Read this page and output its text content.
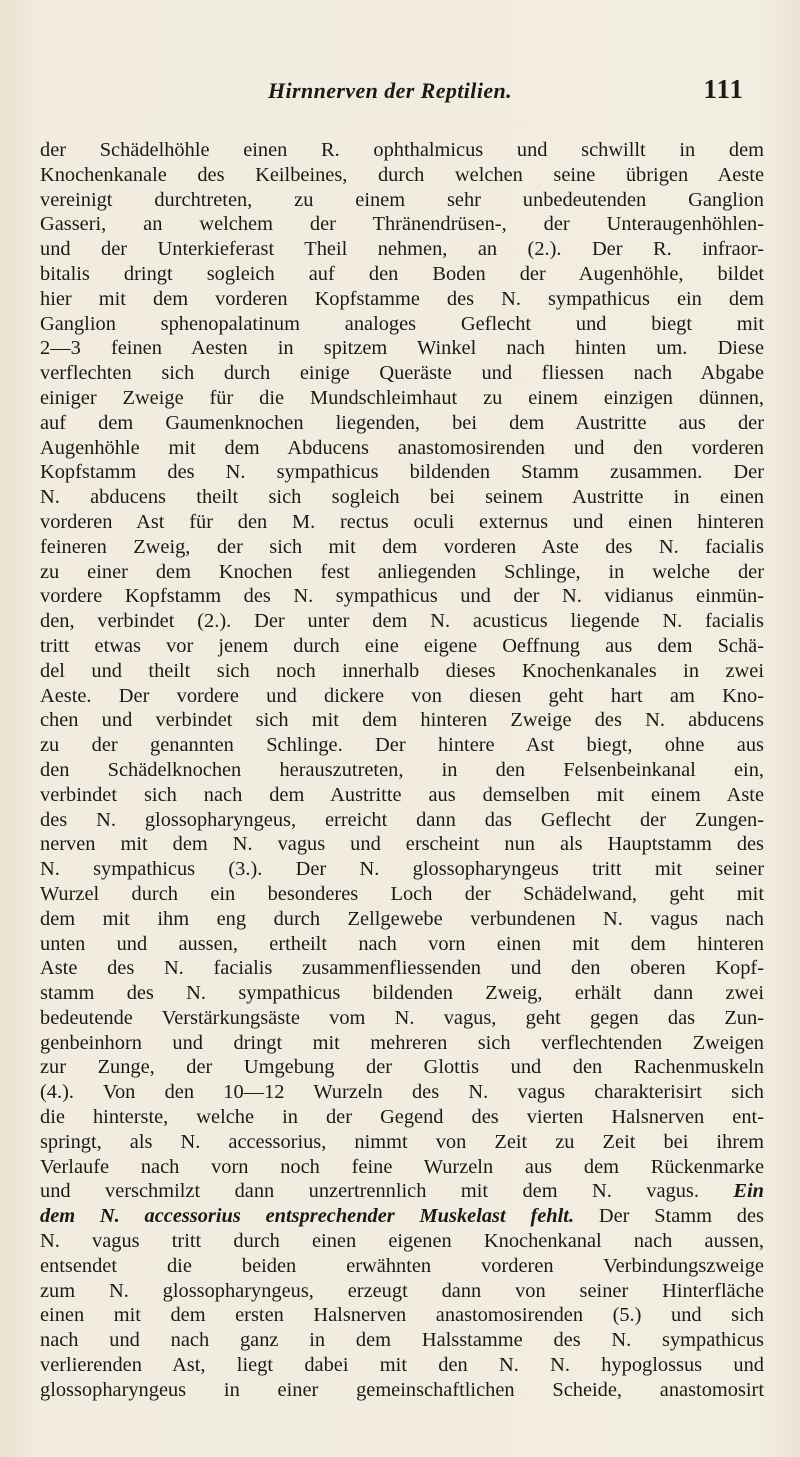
Hirnnerven der Reptilien.	111
der Schädelhöhle einen R. ophthalmicus und schwillt in dem
Knochenkanale des Keilbeines, durch welchen seine übrigen Aeste
vereinigt durchtreten, zu einem sehr unbedeutenden Ganglion
Gasseri, an welchem der Thränendrüsen-, der Unteraugenhöhlen-
und der Unterkieferast Theil nehmen, an (2.). Der R. infraor-
bitalis dringt sogleich auf den Boden der Augenhöhle, bildet
hier mit dem vorderen Kopfstamme des N. sympathicus ein dem
Ganglion sphenopalatinum analoges Geflecht und biegt mit
2—3 feinen Aesten in spitzem Winkel nach hinten um. Diese
verflechten sich durch einige Queräste und fliessen nach Abgabe
einiger Zweige für die Mundschleimhaut zu einem einzigen dünnen,
auf dem Gaumenknochen liegenden, bei dem Austritte aus der
Augenhöhle mit dem Abducens anastomosirenden und den vorderen
Kopfstamm des N. sympathicus bildenden Stamm zusammen. Der
N. abducens theilt sich sogleich bei seinem Austritte in einen
vorderen Ast für den M. rectus oculi externus und einen hinteren
feineren Zweig, der sich mit dem vorderen Aste des N. facialis
zu einer dem Knochen fest anliegenden Schlinge, in welche der
vordere Kopfstamm des N. sympathicus und der N. vidianus einmün-
den, verbindet (2.). Der unter dem N. acusticus liegende N. facialis
tritt etwas vor jenem durch eine eigene Oeffnung aus dem Schä-
del und theilt sich noch innerhalb dieses Knochenkanales in zwei
Aeste. Der vordere und dickere von diesen geht hart am Kno-
chen und verbindet sich mit dem hinteren Zweige des N. abducens
zu der genannten Schlinge. Der hintere Ast biegt, ohne aus
den Schädelknochen herauszutreten, in den Felsenbeinkanal ein,
verbindet sich nach dem Austritte aus demselben mit einem Aste
des N. glossopharyngeus, erreicht dann das Geflecht der Zungen-
nerven mit dem N. vagus und erscheint nun als Hauptstamm des
N. sympathicus (3.). Der N. glossopharyngeus tritt mit seiner
Wurzel durch ein besonderes Loch der Schädelwand, geht mit
dem mit ihm eng durch Zellgewebe verbundenen N. vagus nach
unten und aussen, ertheilt nach vorn einen mit dem hinteren
Aste des N. facialis zusammenfliessenden und den oberen Kopf-
stamm des N. sympathicus bildenden Zweig, erhält dann zwei
bedeutende Verstärkungsäste vom N. vagus, geht gegen das Zun-
genbeinhorn und dringt mit mehreren sich verflechtenden Zweigen
zur Zunge, der Umgebung der Glottis und den Rachenmuskeln
(4.). Von den 10—12 Wurzeln des N. vagus charakterisirt sich
die hinterste, welche in der Gegend des vierten Halsnerven ent-
springt, als N. accessorius, nimmt von Zeit zu Zeit bei ihrem
Verlaufe nach vorn noch feine Wurzeln aus dem Rückenmarke
und verschmilzt dann unzertrennlich mit dem N. vagus. Ein
dem N. accessorius entsprechender Muskelast fehlt. Der Stamm des
N. vagus tritt durch einen eigenen Knochenkanal nach aussen,
entsendet die beiden erwähnten vorderen Verbindungszweige
zum N. glossopharyngeus, erzeugt dann von seiner Hinterfläche
einen mit dem ersten Halsnerven anastomosirenden (5.) und sich
nach und nach ganz in dem Halsstamme des N. sympathicus
verlierenden Ast, liegt dabei mit den N. N. hypoglossus und
glossopharyngeus in einer gemeinschaftlichen Scheide, anastomosirt
